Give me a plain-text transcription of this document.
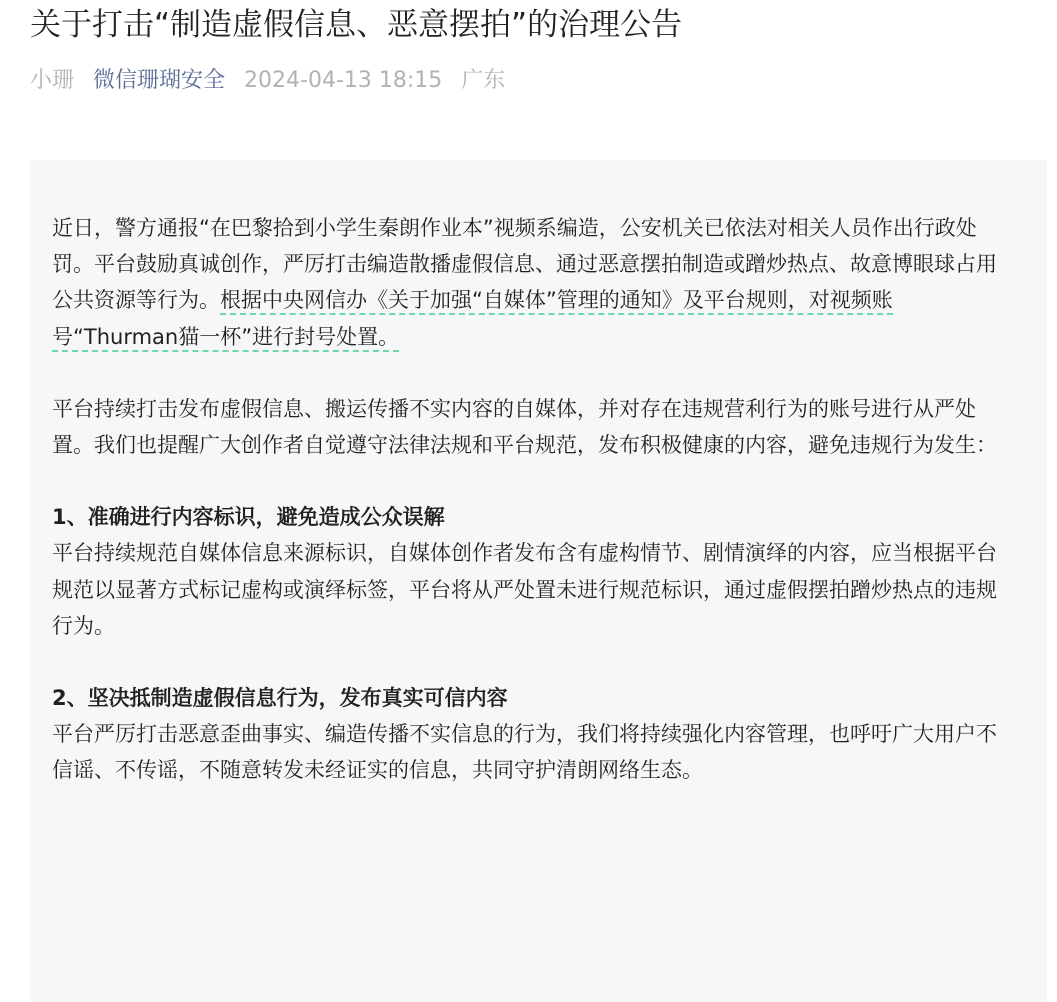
关于打击“制造虚假信息、恶意摆拍”的治理公告
小珊 微信珊瑚安全 2024-04-13 18:15 广东

近日，警方通报“在巴黎拾到小学生秦朗作业本”视频系编造，公安机关已依法对相关人员作出行政处罚。平台鼓励真诚创作，严厉打击编造散播虚假信息、通过恶意摆拍制造或蹭炒热点、故意博眼球占用公共资源等行为。根据中央网信办《关于加强“自媒体”管理的通知》及平台规则，对视频账号“Thurman猫一杯”进行封号处置。

平台持续打击发布虚假信息、搬运传播不实内容的自媒体，并对存在违规营利行为的账号进行从严处置。我们也提醒广大创作者自觉遵守法律法规和平台规范，发布积极健康的内容，避免违规行为发生：

1、准确进行内容标识，避免造成公众误解

平台持续规范自媒体信息来源标识，自媒体创作者发布含有虚构情节、剧情演绎的内容，应当根据平台规范以显著方式标记虚构或演绎标签，平台将从严处置未进行规范标识，通过虚假摆拍蹭炒热点的违规行为。

2、坚决抵制造虚假信息行为，发布真实可信内容

平台严厉打击恶意歪曲事实、编造传播不实信息的行为，我们将持续强化内容管理，也呼吁广大用户不信谣、不传谣，不随意转发未经证实的信息，共同守护清朗网络生态。
